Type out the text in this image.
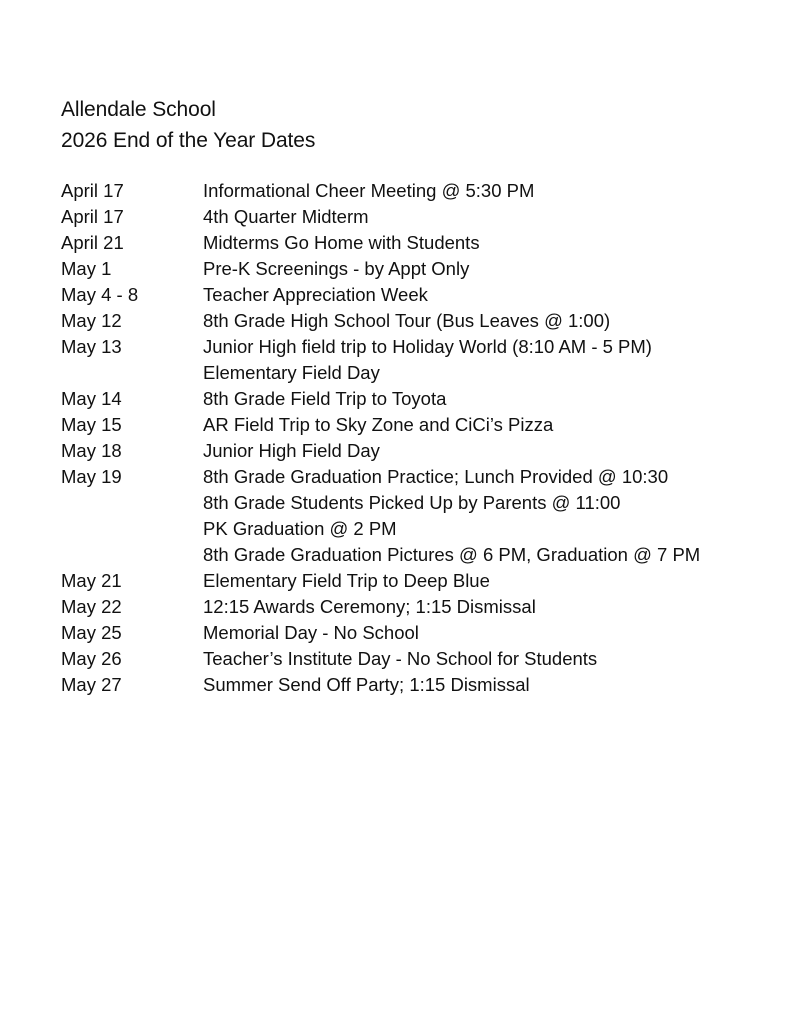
Allendale School
2026 End of the Year Dates
April 17	Informational Cheer Meeting @ 5:30 PM
April 17	4th Quarter Midterm
April 21	Midterms Go Home with Students
May 1	Pre-K Screenings - by Appt Only
May 4 - 8	Teacher Appreciation Week
May 12	8th Grade High School Tour (Bus Leaves @ 1:00)
May 13	Junior High field trip to Holiday World (8:10 AM - 5 PM)
Elementary Field Day
May 14	8th Grade Field Trip to Toyota
May 15	AR Field Trip to Sky Zone and CiCi’s Pizza
May 18	Junior High Field Day
May 19	8th Grade Graduation Practice; Lunch Provided @ 10:30
8th Grade Students Picked Up by Parents @ 11:00
PK Graduation @ 2 PM
8th Grade Graduation Pictures @ 6 PM, Graduation @ 7 PM
May 21	Elementary Field Trip to Deep Blue
May 22	12:15 Awards Ceremony; 1:15 Dismissal
May 25	Memorial Day - No School
May 26	Teacher’s Institute Day - No School for Students
May 27	Summer Send Off Party; 1:15 Dismissal
